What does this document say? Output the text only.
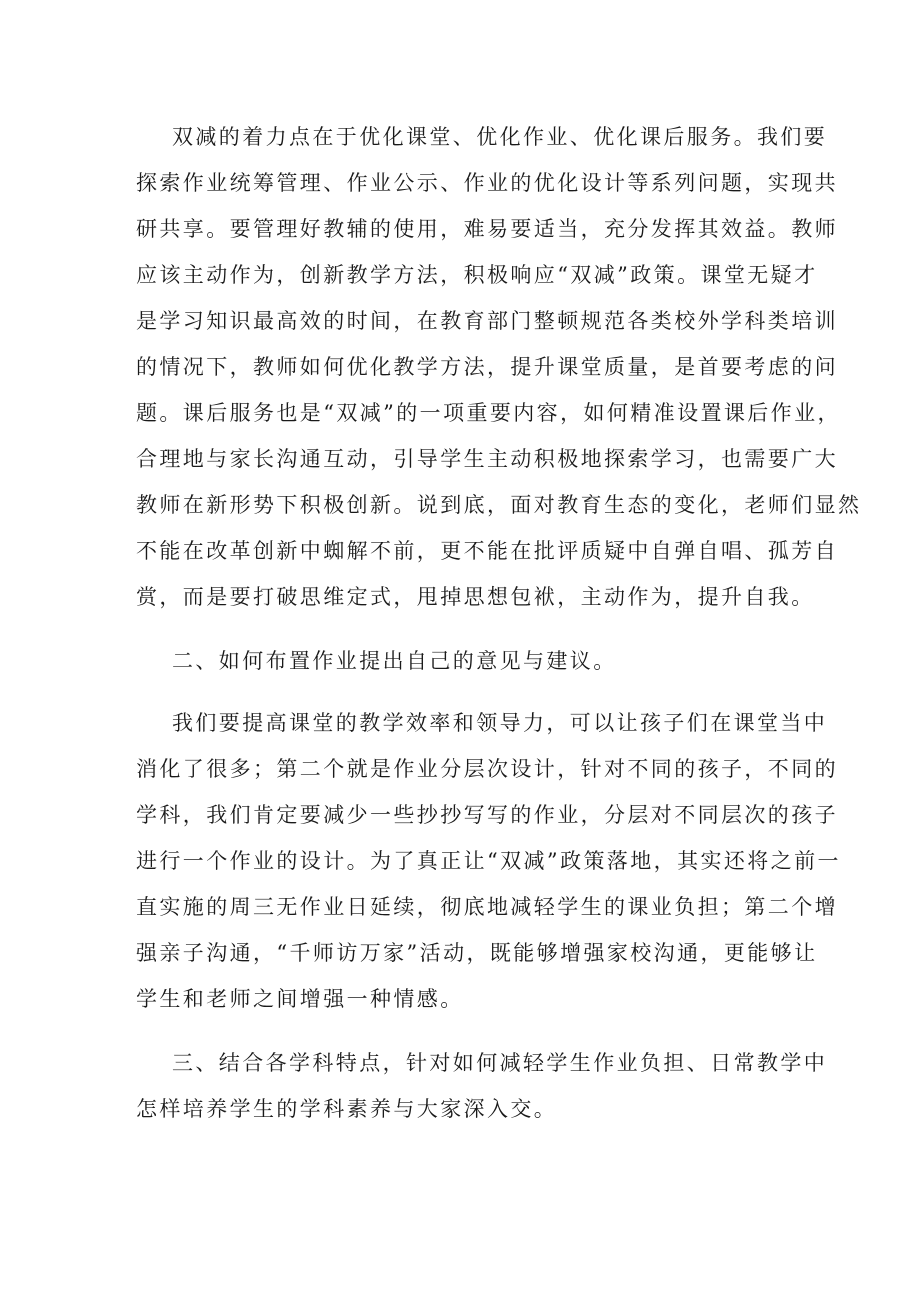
双减的着力点在于优化课堂、优化作业、优化课后服务。我们要
探索作业统筹管理、作业公示、作业的优化设计等系列问题，实现共
研共享。要管理好教辅的使用，难易要适当，充分发挥其效益。教师
应该主动作为，创新教学方法，积极响应“双减”政策。课堂无疑才
是学习知识最高效的时间，在教育部门整顿规范各类校外学科类培训
的情况下，教师如何优化教学方法，提升课堂质量，是首要考虑的问
题。课后服务也是“双减”的一项重要内容，如何精准设置课后作业，
合理地与家长沟通互动，引导学生主动积极地探索学习，也需要广大
教师在新形势下积极创新。说到底，面对教育生态的变化，老师们显然
不能在改革创新中蜘解不前，更不能在批评质疑中自弹自唱、孤芳自
赏，而是要打破思维定式，甩掉思想包袱，主动作为，提升自我。
二、如何布置作业提出自己的意见与建议。
我们要提高课堂的教学效率和领导力，可以让孩子们在课堂当中
消化了很多；第二个就是作业分层次设计，针对不同的孩子，不同的
学科，我们肯定要减少一些抄抄写写的作业，分层对不同层次的孩子
进行一个作业的设计。为了真正让“双减”政策落地，其实还将之前一
直实施的周三无作业日延续，彻底地减轻学生的课业负担；第二个增
强亲子沟通，“千师访万家”活动，既能够增强家校沟通，更能够让
学生和老师之间增强一种情感。
三、结合各学科特点，针对如何减轻学生作业负担、日常教学中
怎样培养学生的学科素养与大家深入交。
